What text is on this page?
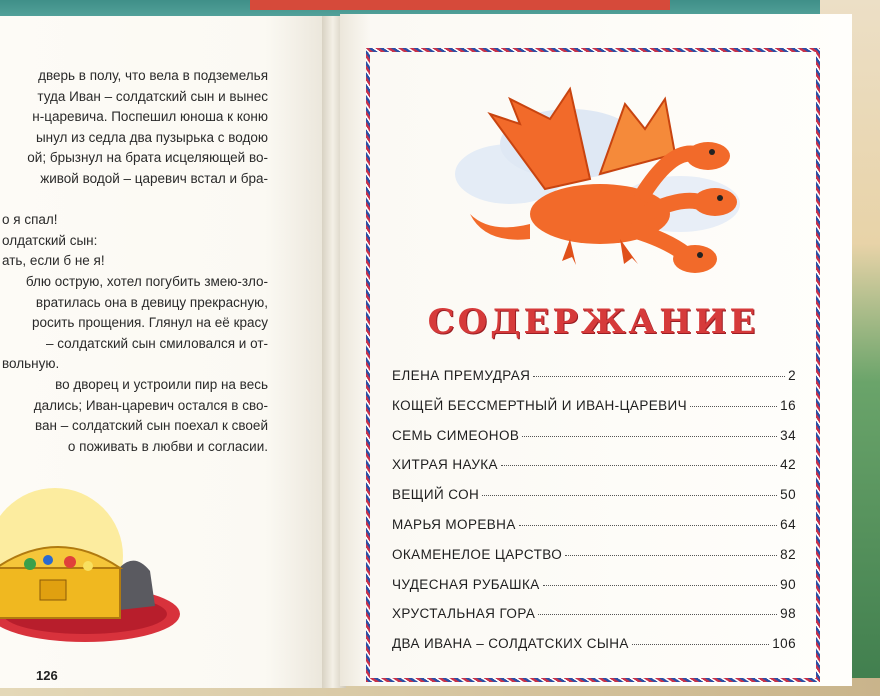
дверь в полу, что вела в подземелья
туда Иван – солдатский сын и вынес
н-царевича. Поспешил юноша к коню
ынул из седла два пузырька с водою
ой; брызнул на брата исцеляющей во-
живой водой – царевич встал и бра-

о я спал!
олдатский сын:
ать, если б не я!
блю острую, хотел погубить змею-зло-
вратилась она в девицу прекрасную,
росить прощения. Глянул на её красу
– солдатский сын смиловался и от-
вольную.
во дворец и устроили пир на весь
дались; Иван-царевич остался в сво-
ван – солдатский сын поехал к своей
о поживать в любви и согласии.
126
СОДЕРЖАНИЕ
ЕЛЕНА ПРЕМУДРАЯ	2
КОЩЕЙ БЕССМЕРТНЫЙ И ИВАН-ЦАРЕВИЧ	16
СЕМЬ СИМЕОНОВ	34
ХИТРАЯ НАУКА	42
ВЕЩИЙ СОН	50
МАРЬЯ МОРЕВНА	64
ОКАМЕНЕЛОЕ ЦАРСТВО	82
ЧУДЕСНАЯ РУБАШКА	90
ХРУСТАЛЬНАЯ ГОРА	98
ДВА ИВАНА – СОЛДАТСКИХ СЫНА	106
